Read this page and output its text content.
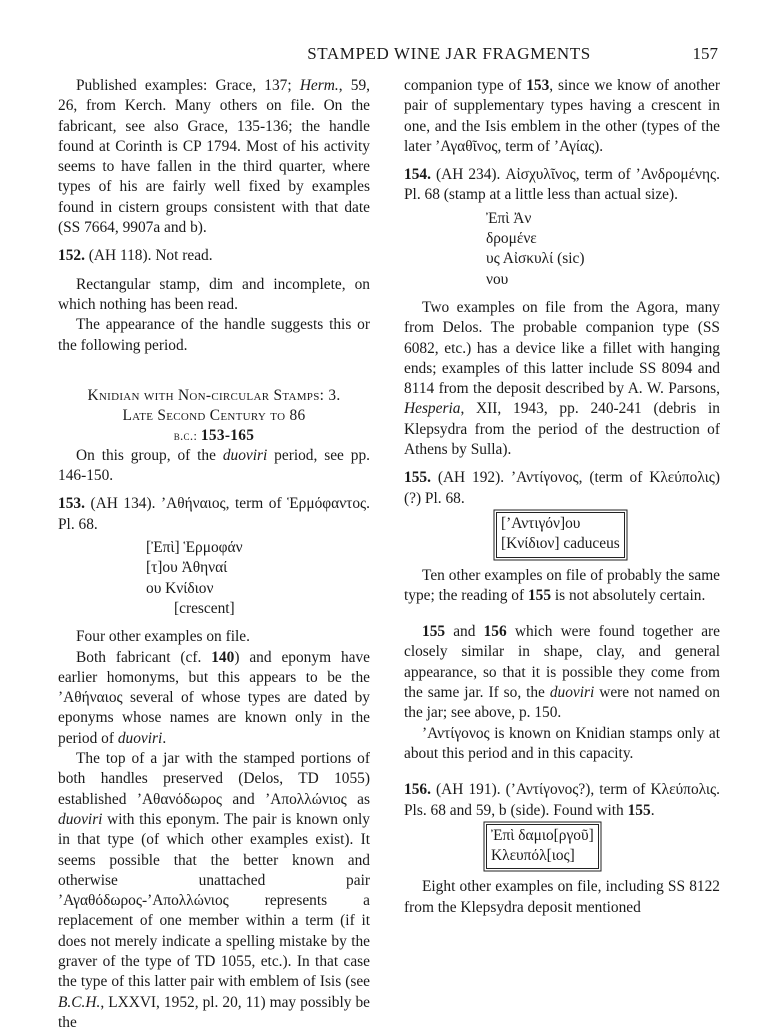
STAMPED WINE JAR FRAGMENTS	157

Published examples: Grace, 137; Herm., 59, 26, from Kerch. Many others on file. On the fabricant, see also Grace, 135-136; the handle found at Corinth is CP 1794. Most of his activity seems to have fallen in the third quarter, where types of his are fairly well fixed by examples found in cistern groups consistent with that date (SS 7664, 9907a and b).

152. (AH 118). Not read.

Rectangular stamp, dim and incomplete, on which nothing has been read.

The appearance of the handle suggests this or the following period.

Knidian with Non-circular Stamps: 3.
Late Second Century to 86
b.c.: 153-165

On this group, of the duoviri period, see pp. 146-150.

153. (AH 134). ’Αθήναιος, term of Ἑρμόφαντος. Pl. 68.

[Ἐπὶ] Ἑρμοφάν
[τ]ου Ἀθηναί
ου Κνίδιον
[crescent]

Four other examples on file.

Both fabricant (cf. 140) and eponym have earlier homonyms, but this appears to be the ’Αθήναιος several of whose types are dated by eponyms whose names are known only in the period of duoviri.

The top of a jar with the stamped portions of both handles preserved (Delos, TD 1055) established ’Αθανόδωρος and ’Απολλώνιος as duoviri with this eponym. The pair is known only in that type (of which other examples exist). It seems possible that the better known and otherwise unattached pair ’Αγαθόδωρος-’Απολλώνιος represents a replacement of one member within a term (if it does not merely indicate a spelling mistake by the graver of the type of TD 1055, etc.). In that case the type of this latter pair with emblem of Isis (see B.C.H., LXXVI, 1952, pl. 20, 11) may possibly be the

companion type of 153, since we know of another pair of supplementary types having a crescent in one, and the Isis emblem in the other (types of the later ’Αγαθῖνος, term of ’Αγίας).

154. (AH 234). Αἰσχυλῖνος, term of ’Ανδρομένης. Pl. 68 (stamp at a little less than actual size).

Ἐπὶ Ἀν
δρομένε
υς Αἰσκυλί (sic)
νου

Two examples on file from the Agora, many from Delos. The probable companion type (SS 6082, etc.) has a device like a fillet with hanging ends; examples of this latter include SS 8094 and 8114 from the deposit described by A. W. Parsons, Hesperia, XII, 1943, pp. 240-241 (debris in Klepsydra from the period of the destruction of Athens by Sulla).

155. (AH 192). ’Αντίγονος, (term of Κλεύπολις) (?) Pl. 68.

[’Αντιγόν]ου
[Κνίδιον] caduceus

Ten other examples on file of probably the same type; the reading of 155 is not absolutely certain.

155 and 156 which were found together are closely similar in shape, clay, and general appearance, so that it is possible they come from the same jar. If so, the duoviri were not named on the jar; see above, p. 150.

’Αντίγονος is known on Knidian stamps only at about this period and in this capacity.

156. (AH 191). (’Αντίγονος?), term of Κλεύπολις. Pls. 68 and 59, b (side). Found with 155.

Ἐπὶ δαμιο[ργοῦ]
Κλευπόλ[ιος]

Eight other examples on file, including SS 8122 from the Klepsydra deposit mentioned
